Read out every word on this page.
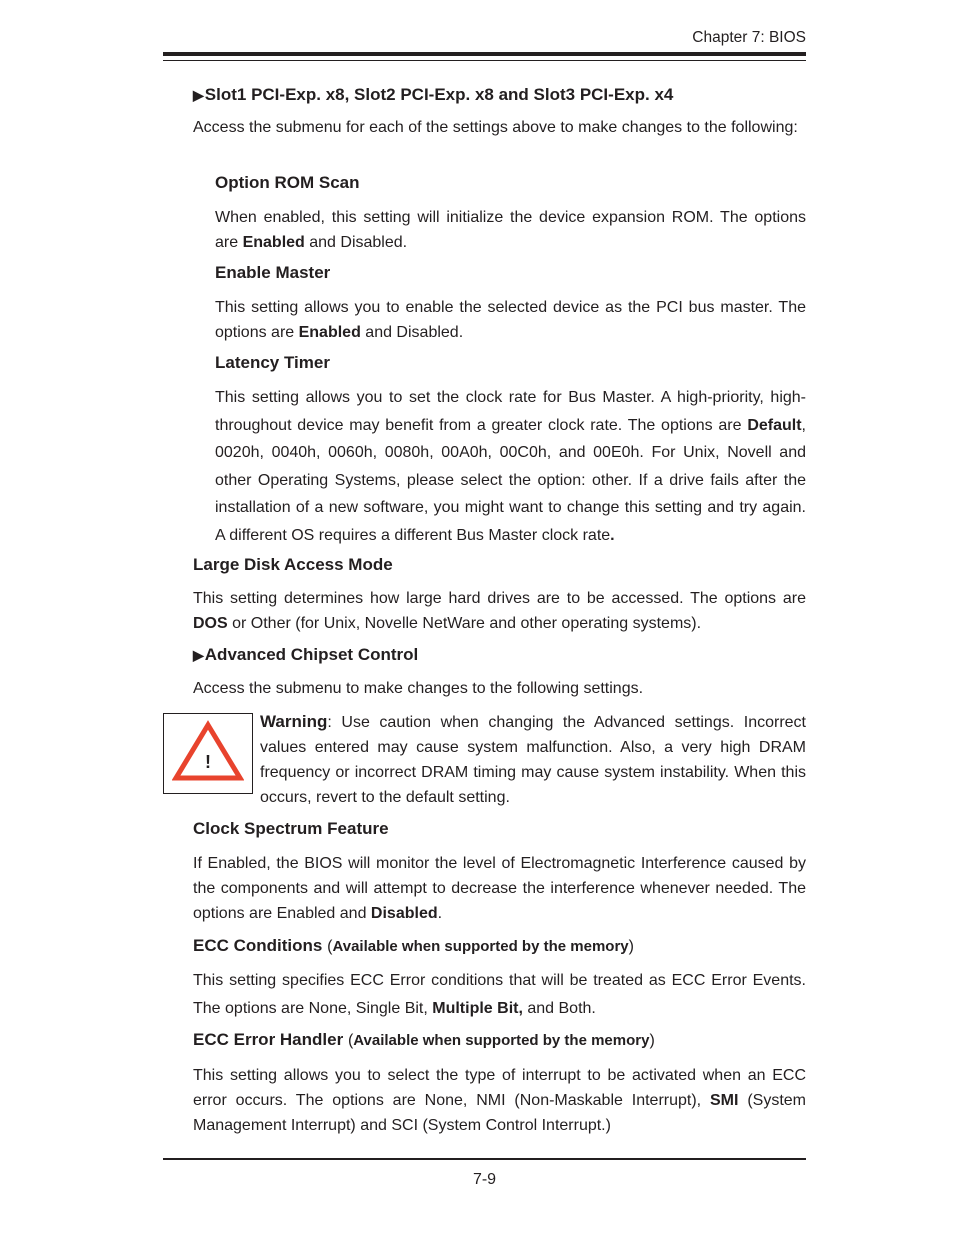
Chapter 7: BIOS
▶Slot1 PCI-Exp. x8, Slot2 PCI-Exp. x8 and Slot3 PCI-Exp. x4
Access the submenu for each of the settings above to make changes to the following:
Option ROM Scan
When enabled, this setting will initialize the device expansion ROM. The options are Enabled and Disabled.
Enable Master
This setting allows you to enable the selected device as the PCI bus master. The options are Enabled and Disabled.
Latency Timer
This setting allows you to set the clock rate for Bus Master. A high-priority, high-throughout device may benefit from a greater clock rate. The options are Default, 0020h, 0040h, 0060h, 0080h, 00A0h, 00C0h, and 00E0h. For Unix, Novell and other Operating Systems, please select the option: other. If a drive fails after the installation of a new software, you might want to change this setting and try again. A different OS requires a different Bus Master clock rate.
Large Disk Access Mode
This setting determines how large hard drives are to be accessed. The options are DOS or Other (for Unix, Novelle NetWare and other operating systems).
▶Advanced Chipset Control
Access the submenu to make changes to the following settings.
!
Warning: Use caution when changing the Advanced settings. Incorrect values entered may cause system malfunction. Also, a very high DRAM frequency or incorrect DRAM timing may cause system instability. When this occurs, revert to the default setting.
Clock Spectrum Feature
If Enabled, the BIOS will monitor the level of Electromagnetic Interference caused by the components and will attempt to decrease the interference whenever needed. The options are Enabled and Disabled.
ECC Conditions (Available when supported by the memory)
This setting specifies ECC Error conditions that will be treated as ECC Error Events. The options are None, Single Bit, Multiple Bit, and Both.
ECC Error Handler (Available when supported by the memory)
This setting allows you to select the type of interrupt to be activated when an ECC error occurs. The options are None, NMI (Non-Maskable Interrupt), SMI (System Management Interrupt) and SCI (System Control Interrupt.)
7-9
